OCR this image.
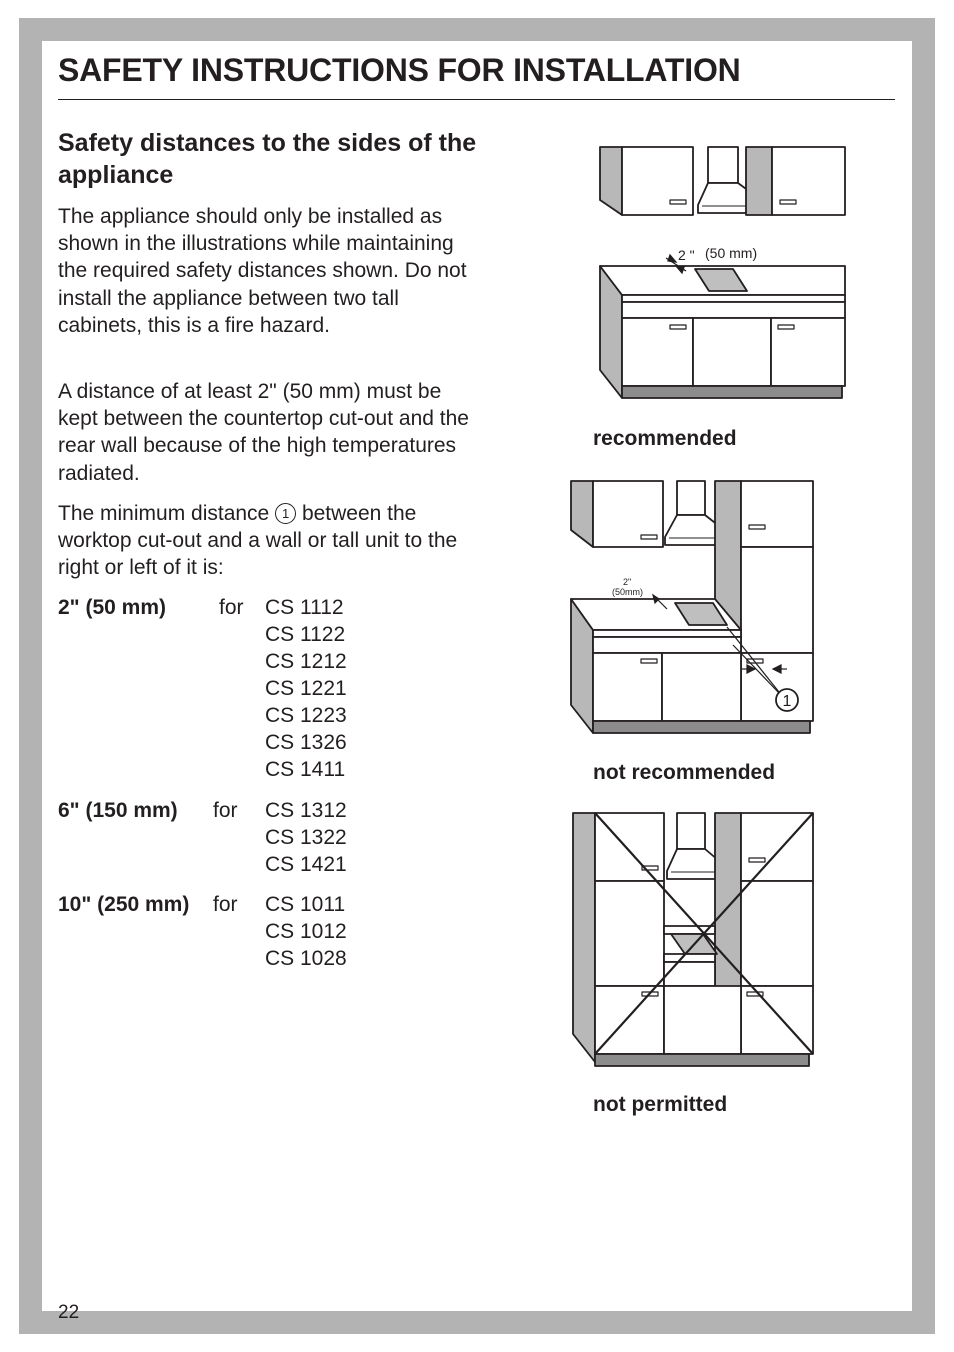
SAFETY INSTRUCTIONS FOR INSTALLATION
Safety distances to the sides of the appliance

The appliance should only be installed as shown in the illustrations while maintaining the required safety distances shown. Do not install the appliance between two tall cabinets, this is a fire hazard.

A distance of at least 2" (50 mm) must be kept between the countertop cut-out and the rear wall because of the high temperatures radiated.

The minimum distance 1 between the worktop cut-out and a wall or tall unit to the right or left of it is:

2" (50 mm)	for CS 1112
CS 1122
CS 1212
CS 1221
CS 1223
CS 1326
CS 1411
6" (150 mm) for CS 1312
CS 1322
CS 1421
10" (250 mm) for CS 1011
CS 1012
CS 1028
2 " (50 mm)
recommended
1
2"
(50mm)
not recommended
not permitted
22
